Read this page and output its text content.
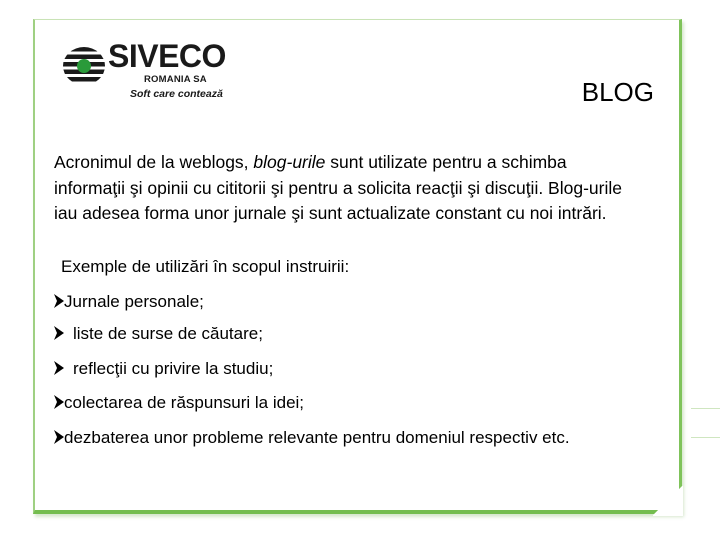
SIVECO
ROMANIA SA
Soft care contează	BLOG

Acronimul de la weblogs, blog-urile sunt utilizate pentru a schimba informaţii şi opinii cu cititorii şi pentru a solicita reacţii şi discuţii. Blog-urile iau adesea forma unor jurnale şi sunt actualizate constant cu noi intrări.

Exemple de utilizări în scopul instruirii:

Jurnale personale;

liste de surse de căutare;

reflecţii cu privire la studiu;

colectarea de răspunsuri la idei;

dezbaterea unor probleme relevante pentru domeniul respectiv etc.
